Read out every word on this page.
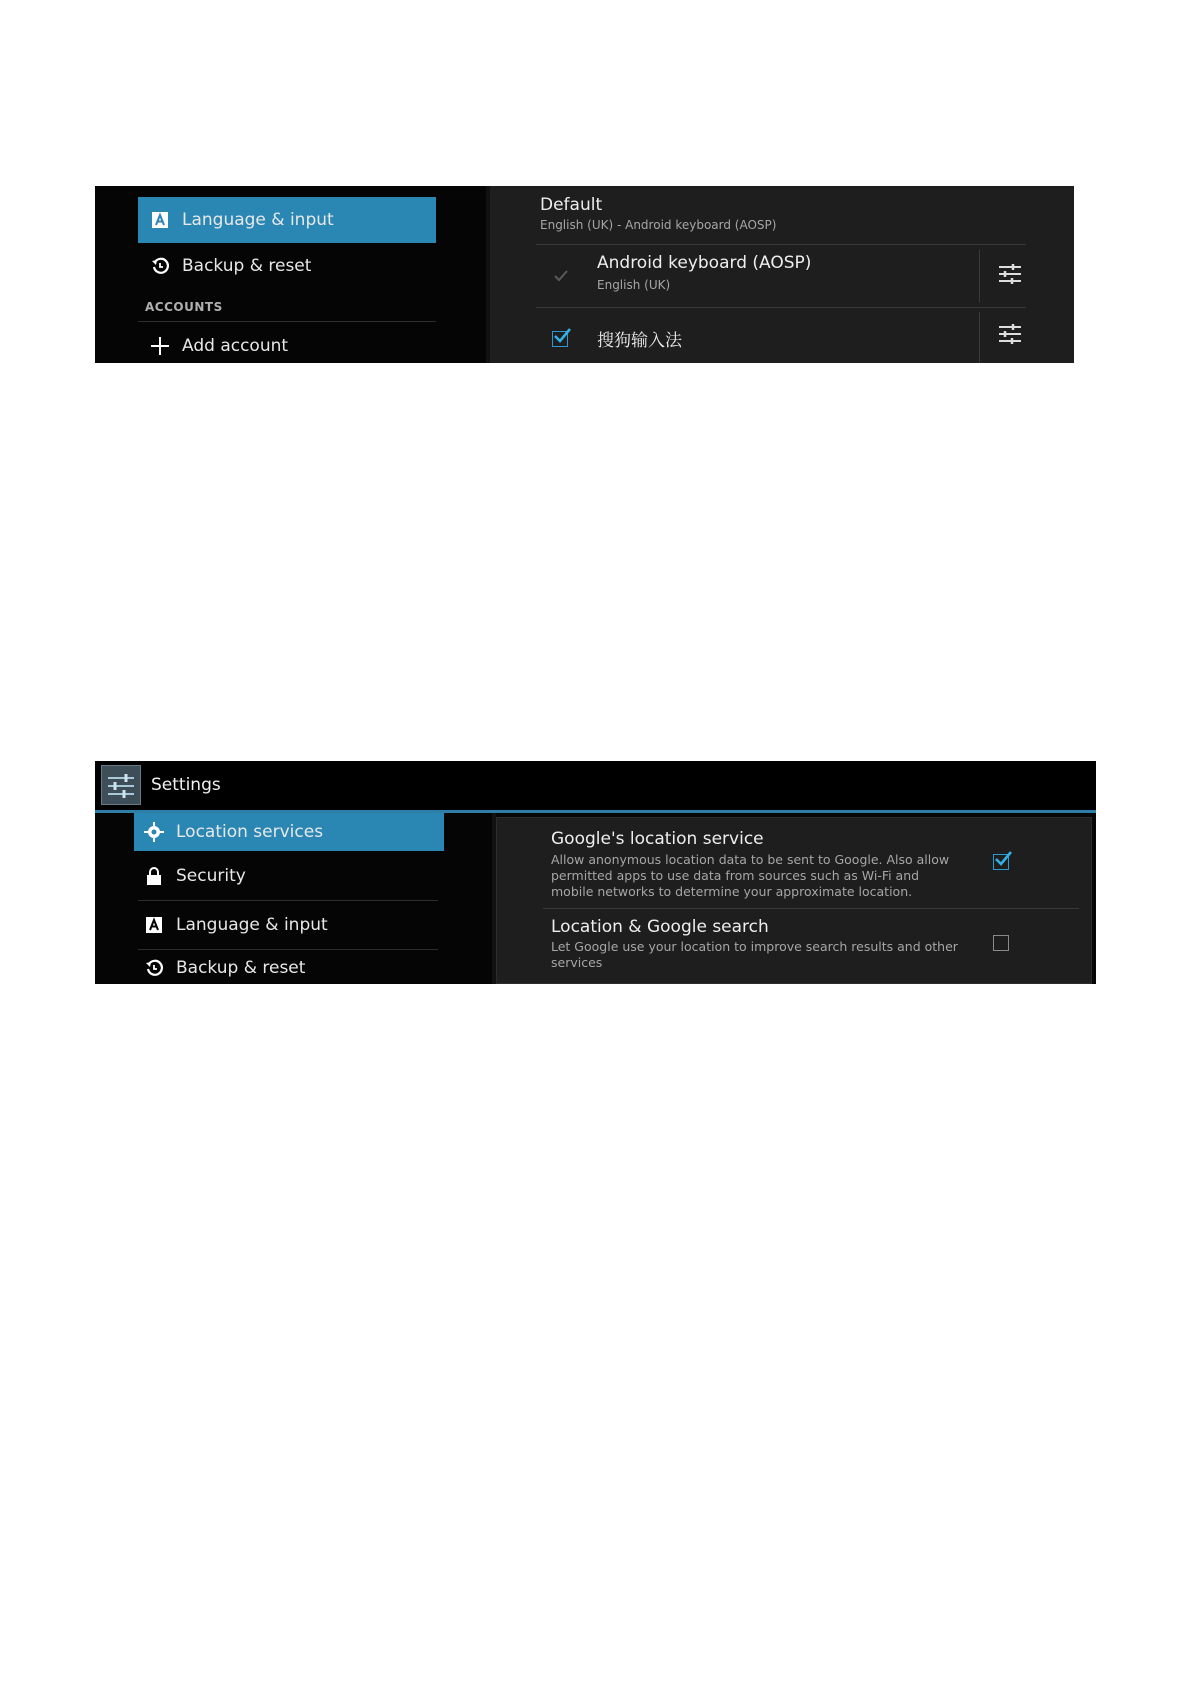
Language & input
Backup & reset
ACCOUNTS
Add account
Default
English (UK) - Android keyboard (AOSP)
Android keyboard (AOSP)
English (UK)
搜狗输入法
Settings
Location services
Security
Language & input
Backup & reset
Google's location service
Allow anonymous location data to be sent to Google. Also allow permitted apps to use data from sources such as Wi-Fi and mobile networks to determine your approximate location.
Location & Google search
Let Google use your location to improve search results and other services
